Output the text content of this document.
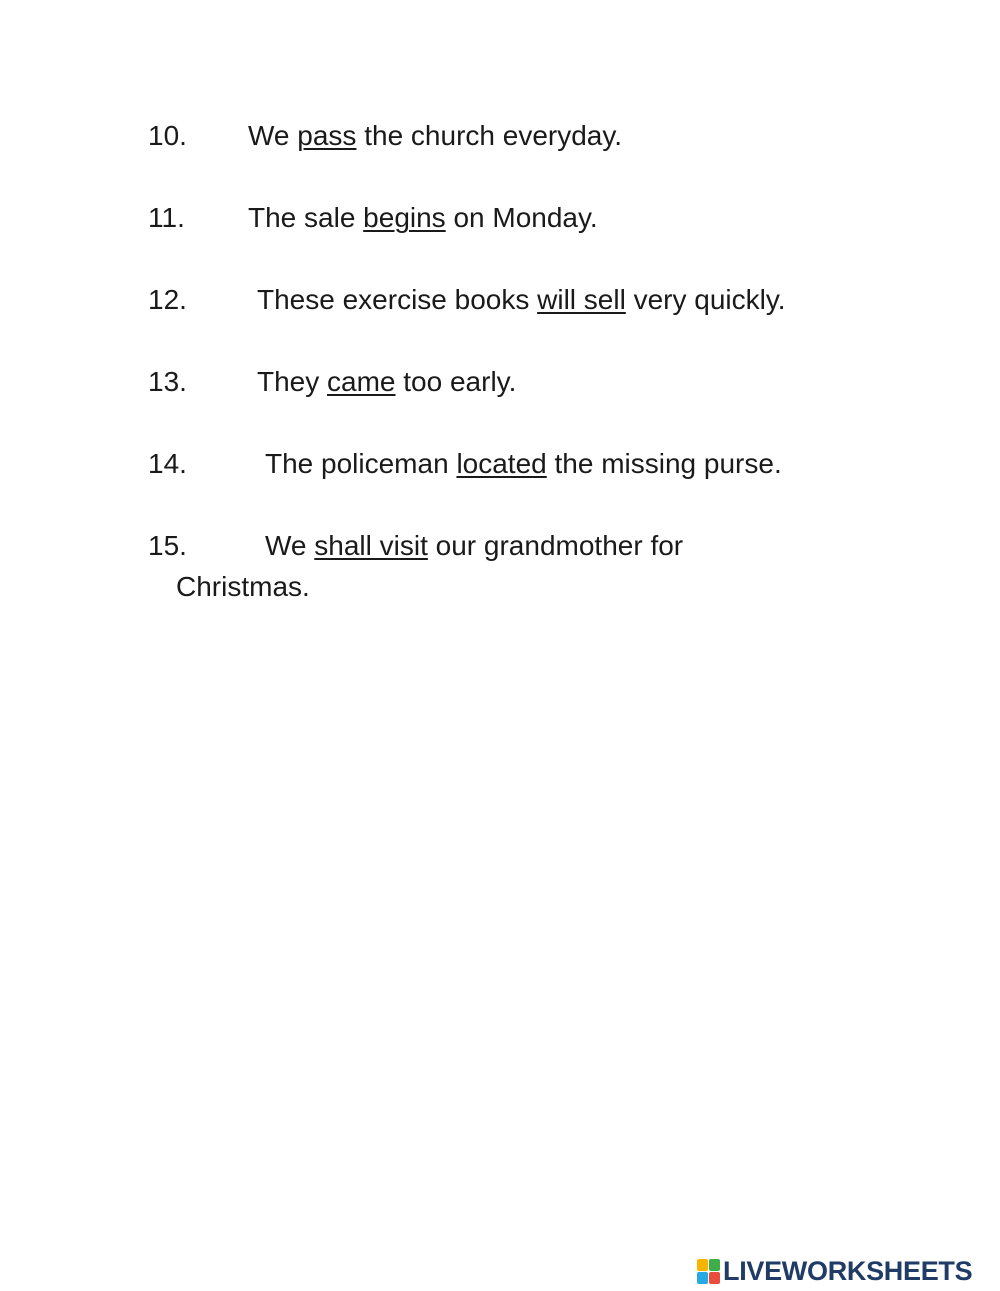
10. We pass the church everyday.
11. The sale begins on Monday.
12.	These exercise books will sell very quickly.
13.	They came too early.
14.	The policeman located the missing purse.
15.	We shall visit our grandmother for
Christmas.
LIVEWORKSHEETS
